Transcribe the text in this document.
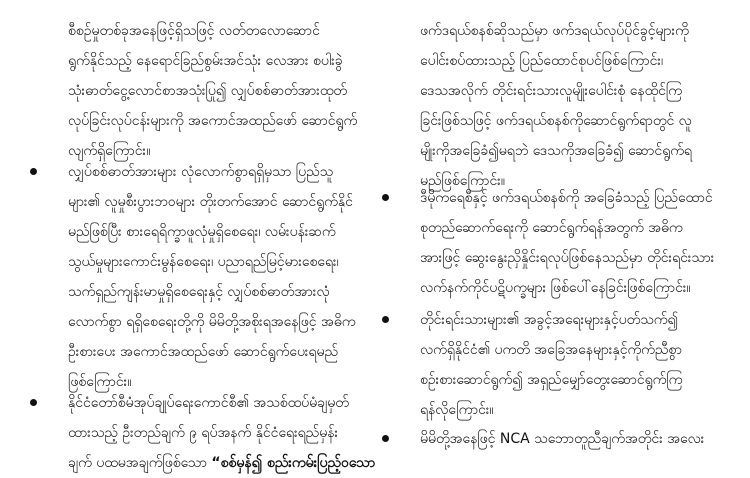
စီစဉ်မှုတစ်ခုအနေဖြင့်ရှိသဖြင့် လတ်တလောဆောင်
ရွက်နိုင်သည့် နေရောင်ခြည်စွမ်းအင်သုံး လေအား စပါးခွဲ
သုံးဓာတ်ငွေ့လောင်စာအသုံးပြု၍ လျှပ်စစ်ဓာတ်အားထုတ်
လုပ်ခြင်းလုပ်ငန်းများကို အကောင်အထည်ဖော် ဆောင်ရွက်
လျက်ရှိကြောင်း။
လျှပ်စစ်ဓာတ်အားများ လုံလောက်စွာရရှိမှသာ ပြည်သူ
များ၏ လူမှုစီးပွားဘဝများ တိုးတက်အောင် ဆောင်ရွက်နိုင်
မည်ဖြစ်ပြီး စားရေရိက္ခာဖူလုံမှုရှိစေရေး၊ လမ်းပန်းဆက်
သွယ်မှုများကောင်းမွန်စေရေး၊ ပညာရည်မြင့်မားစေရေး၊
သက်ရှည်ကျန်းမာမှုရှိစေရေးနှင့် လျှပ်စစ်ဓာတ်အားလုံ
လောက်စွာ ရရှိစေရေးတို့ကို မိမိတို့အစိုးရအနေဖြင့် အဓိက
ဦးစားပေး အကောင်အထည်ဖော် ဆောင်ရွက်ပေးရမည်
ဖြစ်ကြောင်း။
နိုင်ငံတော်စီမံအုပ်ချုပ်ရေးကောင်စီ၏ အသစ်ထပ်မံချမှတ်
ထားသည့် ဦးတည်ချက် ၉ ရပ်အနက် နိုင်ငံရေးရည်မှန်း
ချက် ပထမအချက်ဖြစ်သော “စစ်မှန်၍ စည်းကမ်းပြည့်ဝသော
ဖက်ဒရယ်စနစ်ဆိုသည်မှာ ဖက်ဒရယ်လုပ်ပိုင်ခွင့်များကို
ပေါင်းစပ်ထားသည့် ပြည်ထောင်စုပင်ဖြစ်ကြောင်း၊
ဒေသအလိုက် တိုင်းရင်းသားလူမျိုးပေါင်းစုံ နေထိုင်ကြ
ခြင်းဖြစ်သဖြင့် ဖက်ဒရယ်စနစ်ကိုဆောင်ရွက်ရာတွင် လူ
မျိုးကိုအခြေခံ၍မရဘဲ ဒေသကိုအခြေခံ၍ ဆောင်ရွက်ရ
မည်ဖြစ်ကြောင်း။
ဒီမိုကရေစီနှင့် ဖက်ဒရယ်စနစ်ကို အခြေခံသည့် ပြည်ထောင်
စုတည်ဆောက်ရေးကို ဆောင်ရွက်ရန်အတွက် အဓိက
အားဖြင့် ဆွေးနွေးညှိနှိုင်းရလုပ်ဖြစ်နေသည်မှာ တိုင်းရင်းသား
လက်နက်ကိုင်ပဋိပက္ခများ ဖြစ်ပေါ်နေခြင်းဖြစ်ကြောင်း။
တိုင်းရင်းသားများ၏ အခွင့်အရေးများနှင့်ပတ်သက်၍
လက်ရှိနိုင်ငံ၏ ပကတိ အခြေအနေများနှင့်ကိုက်ညီစွာ
စဉ်းစားဆောင်ရွက်၍ အရှည်မျှော်တွေးဆောင်ရွက်ကြ
ရန်လိုကြောင်း။
မိမိတို့အနေဖြင့် NCA သဘောတူညီချက်အတိုင်း အလေး
